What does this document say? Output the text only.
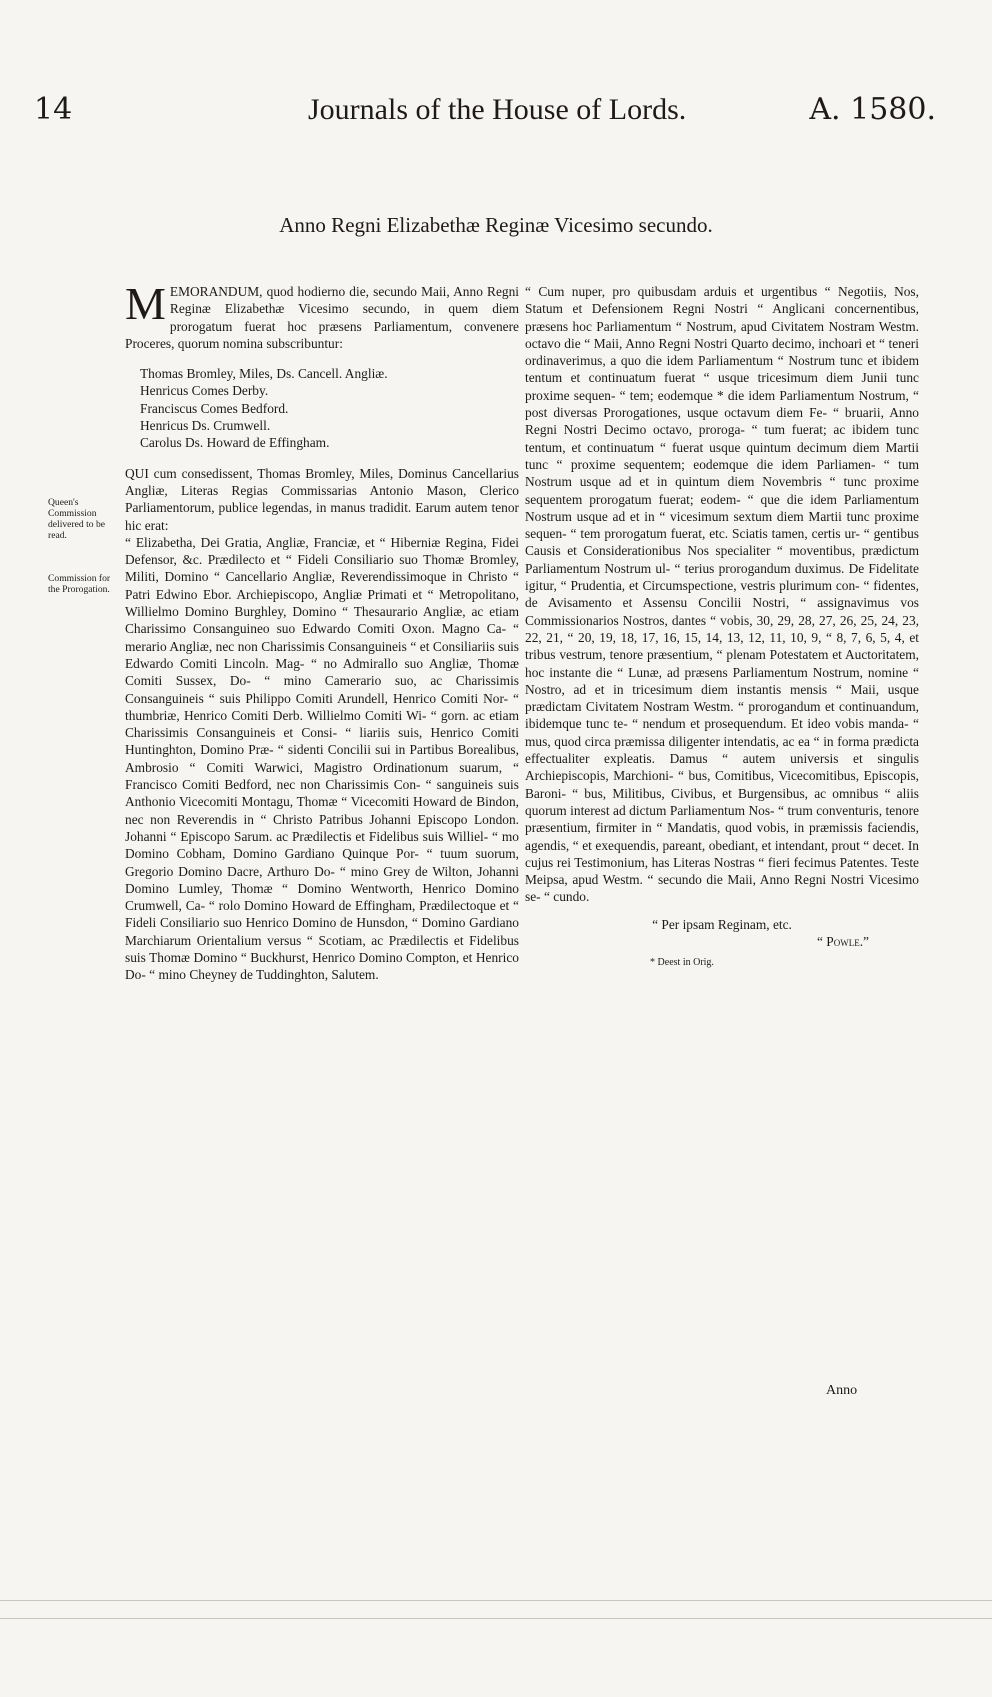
14	Journals of the House of Lords.	A. 1580.
Anno Regni Elizabethæ Reginæ Vicesimo secundo.
Queen's Commission delivered to be read.
Commission for the Prorogation.

M EMORANDUM, quod hodierno die, secundo Maii, Anno Regni Reginæ Elizabethæ Vicesimo secundo, in quem diem prorogatum fuerat hoc præsens Parliamentum, convenere Proceres, quorum nomina subscribuntur:

Thomas Bromley, Miles, Ds. Cancell. Angliæ.
Henricus Comes Derby.
Franciscus Comes Bedford.
Henricus Ds. Crumwell.
Carolus Ds. Howard de Effingham.

QUI cum consedissent, Thomas Bromley, Miles, Dominus Cancellarius Angliæ, Literas Regias Commissarias Antonio Mason, Clerico Parliamentorum, publice legendas, in manus tradidit. Earum autem tenor hic erat:

“ Elizabetha, Dei Gratia, Angliæ, Franciæ, et “ Hiberniæ Regina, Fidei Defensor, &c. Prædilecto et “ Fideli Consiliario suo Thomæ Bromley, Militi, Domino “ Cancellario Angliæ, Reverendissimoque in Christo “ Patri Edwino Ebor. Archiepiscopo, Angliæ Primati et “ Metropolitano, Willielmo Domino Burghley, Domino “ Thesaurario Angliæ, ac etiam Charissimo Consanguineo suo Edwardo Comiti Oxon. Magno Ca- “ merario Angliæ, nec non Charissimis Consanguineis “ et Consiliariis suis Edwardo Comiti Lincoln. Mag- “ no Admirallo suo Angliæ, Thomæ Comiti Sussex, Do- “ mino Camerario suo, ac Charissimis Consanguineis “ suis Philippo Comiti Arundell, Henrico Comiti Nor- “ thumbriæ, Henrico Comiti Derb. Willielmo Comiti Wi- “ gorn. ac etiam Charissimis Consanguineis et Consi- “ liariis suis, Henrico Comiti Huntinghton, Domino Præ- “ sidenti Concilii sui in Partibus Borealibus, Ambrosio “ Comiti Warwici, Magistro Ordinationum suarum, “ Francisco Comiti Bedford, nec non Charissimis Con- “ sanguineis suis Anthonio Vicecomiti Montagu, Thomæ “ Vicecomiti Howard de Bindon, nec non Reverendis in “ Christo Patribus Johanni Episcopo London. Johanni “ Episcopo Sarum. ac Prædilectis et Fidelibus suis Williel- “ mo Domino Cobham, Domino Gardiano Quinque Por- “ tuum suorum, Gregorio Domino Dacre, Arthuro Do- “ mino Grey de Wilton, Johanni Domino Lumley, Thomæ “ Domino Wentworth, Henrico Domino Crumwell, Ca- “ rolo Domino Howard de Effingham, Prædilectoque et “ Fideli Consiliario suo Henrico Domino de Hunsdon, “ Domino Gardiano Marchiarum Orientalium versus “ Scotiam, ac Prædilectis et Fidelibus suis Thomæ Domino “ Buckhurst, Henrico Domino Compton, et Henrico Do- “ mino Cheyney de Tuddinghton, Salutem.

“ Cum nuper, pro quibusdam arduis et urgentibus “ Negotiis, Nos, Statum et Defensionem Regni Nostri “ Anglicani concernentibus, præsens hoc Parliamentum “ Nostrum, apud Civitatem Nostram Westm. octavo die “ Maii, Anno Regni Nostri Quarto decimo, inchoari et “ teneri ordinaverimus, a quo die idem Parliamentum “ Nostrum tunc et ibidem tentum et continuatum fuerat “ usque tricesimum diem Junii tunc proxime sequen- “ tem; eodemque * die idem Parliamentum Nostrum, “ post diversas Prorogationes, usque octavum diem Fe- “ bruarii, Anno Regni Nostri Decimo octavo, proroga- “ tum fuerat; ac ibidem tunc tentum, et continuatum “ fuerat usque quintum decimum diem Martii tunc “ proxime sequentem; eodemque die idem Parliamen- “ tum Nostrum usque ad et in quintum diem Novembris “ tunc proxime sequentem prorogatum fuerat; eodem- “ que die idem Parliamentum Nostrum usque ad et in “ vicesimum sextum diem Martii tunc proxime sequen- “ tem prorogatum fuerat, etc. Sciatis tamen, certis ur- “ gentibus Causis et Considerationibus Nos specialiter “ moventibus, prædictum Parliamentum Nostrum ul- “ terius prorogandum duximus. De Fidelitate igitur, “ Prudentia, et Circumspectione, vestris plurimum con- “ fidentes, de Avisamento et Assensu Concilii Nostri, “ assignavimus vos Commissionarios Nostros, dantes “ vobis, 30, 29, 28, 27, 26, 25, 24, 23, 22, 21, “ 20, 19, 18, 17, 16, 15, 14, 13, 12, 11, 10, 9, “ 8, 7, 6, 5, 4, et tribus vestrum, tenore præsentium, “ plenam Potestatem et Auctoritatem, hoc instante die “ Lunæ, ad præsens Parliamentum Nostrum, nomine “ Nostro, ad et in tricesimum diem instantis mensis “ Maii, usque prædictam Civitatem Nostram Westm. “ prorogandum et continuandum, ibidemque tunc te- “ nendum et prosequendum. Et ideo vobis manda- “ mus, quod circa præmissa diligenter intendatis, ac ea “ in forma prædicta effectualiter expleatis. Damus “ autem universis et singulis Archiepiscopis, Marchioni- “ bus, Comitibus, Vicecomitibus, Episcopis, Baroni- “ bus, Militibus, Civibus, et Burgensibus, ac omnibus “ aliis quorum interest ad dictum Parliamentum Nos- “ trum conventuris, tenore præsentium, firmiter in “ Mandatis, quod vobis, in præmissis faciendis, agendis, “ et exequendis, pareant, obediant, et intendant, prout “ decet. In cujus rei Testimonium, has Literas Nostras “ fieri fecimus Patentes. Teste Meipsa, apud Westm. “ secundo die Maii, Anno Regni Nostri Vicesimo se- “ cundo.

“ Per ipsam Reginam, etc.
“ Powle.”
* Deest in Orig.
Anno
